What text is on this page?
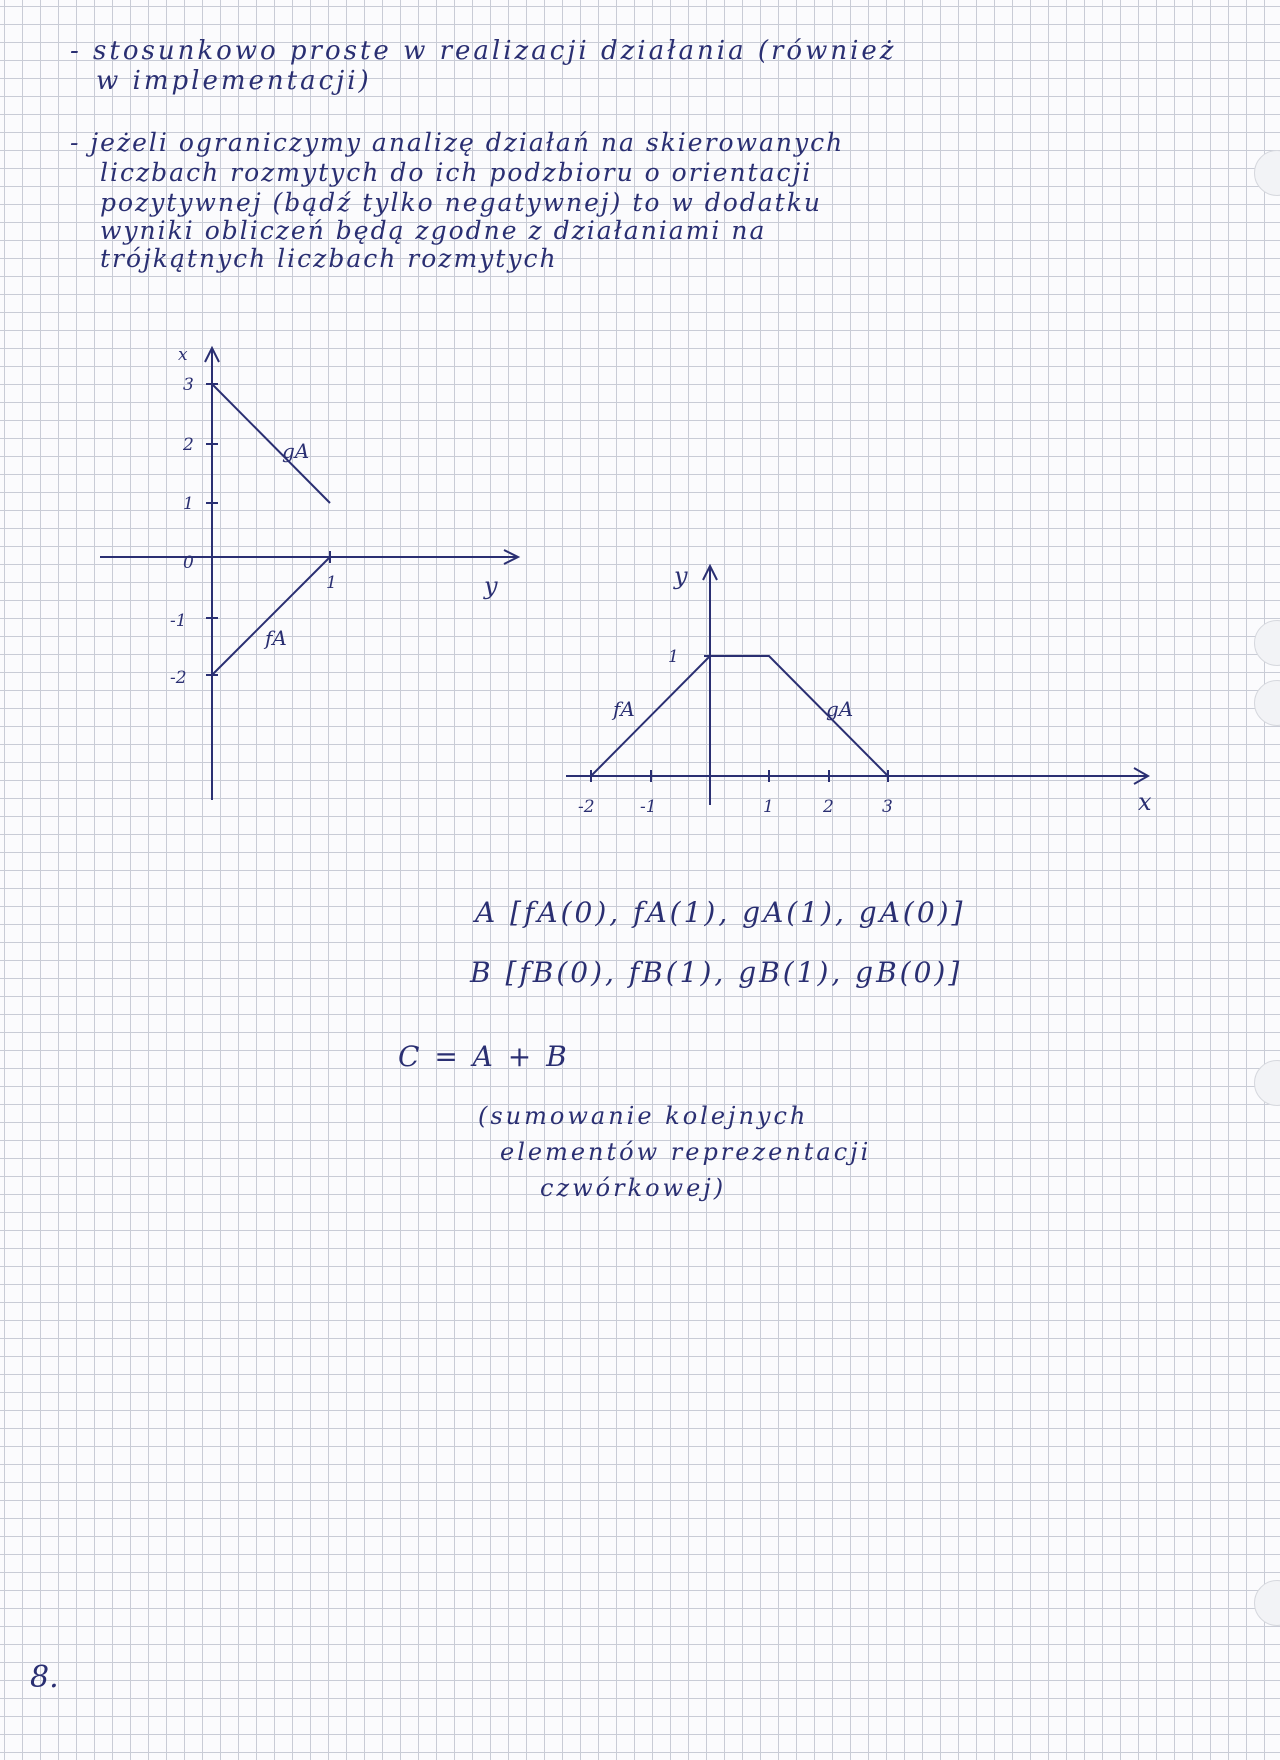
- stosunkowo proste w realizacji działania (również
w implementacji)
- jeżeli ograniczymy analizę działań na skierowanych
liczbach rozmytych do ich podzbioru o orientacji
pozytywnej (bądź tylko negatywnej) to w dodatku
wyniki obliczeń będą zgodne z działaniami na
trójkątnych liczbach rozmytych
x
y
3
2
1
0
-1
-2
1
gA
fA
y
x
1
-2	-1	1	2	3
fA	gA
A [fA(0), fA(1), gA(1), gA(0)]
B [fB(0), fB(1), gB(1), gB(0)]
C = A + B
(sumowanie kolejnych
elementów reprezentacji
czwórkowej)
8.
